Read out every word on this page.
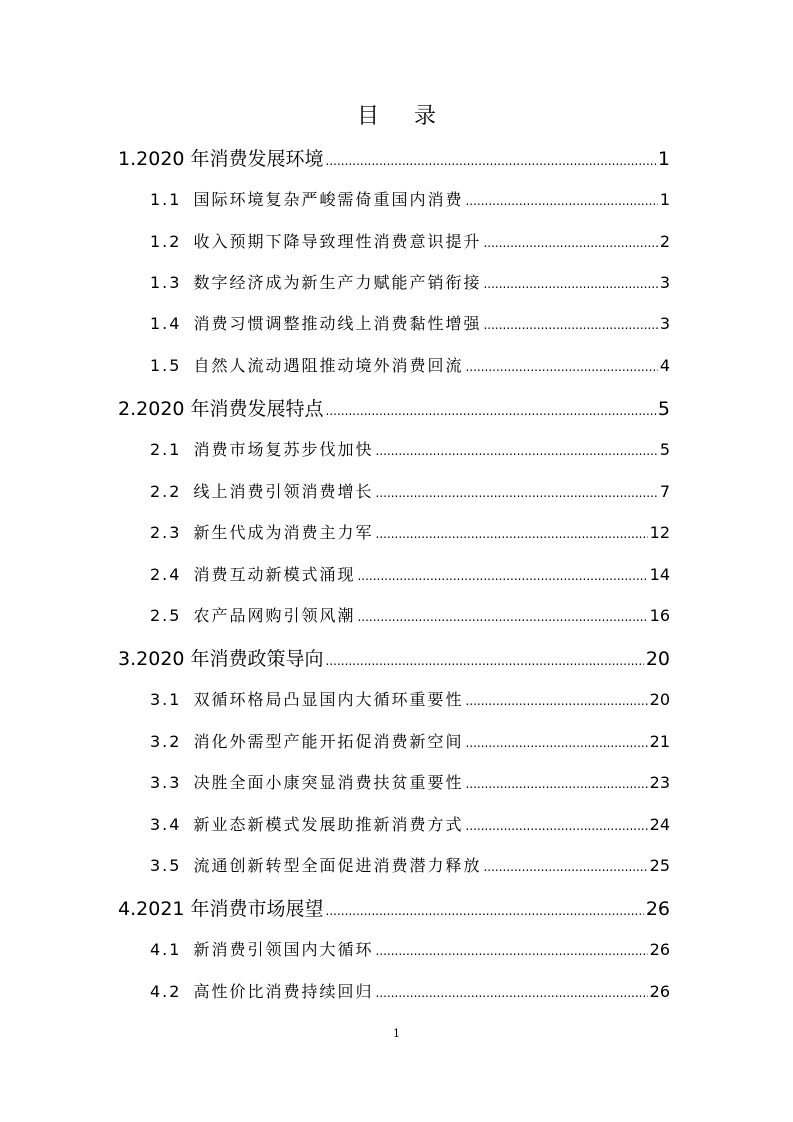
目 录
1. 2020 年消费发展环境 .....	1
1.1 国际环境复杂严峻需倚重国内消费 .....	1
1.2 收入预期下降导致理性消费意识提升 .....	2
1.3 数字经济成为新生产力赋能产销衔接 .....	3
1.4 消费习惯调整推动线上消费黏性增强 .....	3
1.5 自然人流动遇阻推动境外消费回流 .....	4
2. 2020 年消费发展特点 .....	5
2.1 消费市场复苏步伐加快 .....	5
2.2 线上消费引领消费增长 .....	7
2.3 新生代成为消费主力军 .....	12
2.4 消费互动新模式涌现 .....	14
2.5 农产品网购引领风潮 .....	16
3. 2020 年消费政策导向 .....	20
3.1 双循环格局凸显国内大循环重要性 .....	20
3.2 消化外需型产能开拓促消费新空间 .....	21
3.3 决胜全面小康突显消费扶贫重要性 .....	23
3.4 新业态新模式发展助推新消费方式 .....	24
3.5 流通创新转型全面促进消费潜力释放 .....	25
4. 2021 年消费市场展望 .....	26
4.1 新消费引领国内大循环 .....	26
4.2 高性价比消费持续回归 .....	26
1
